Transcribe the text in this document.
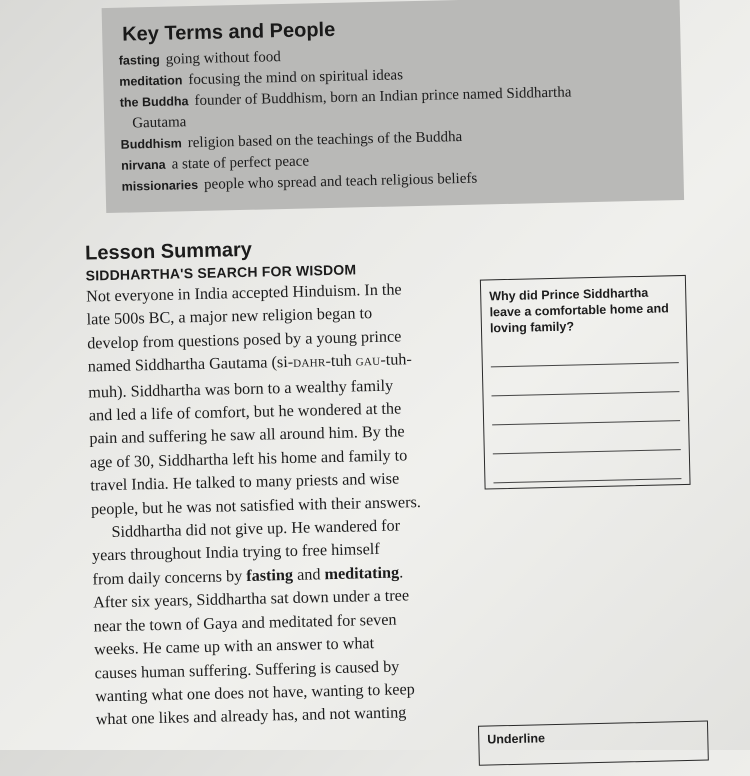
Key Terms and People
fasting going without food
meditation focusing the mind on spiritual ideas
the Buddha founder of Buddhism, born an Indian prince named Siddhartha
Gautama
Buddhism religion based on the teachings of the Buddha
nirvana a state of perfect peace
missionaries people who spread and teach religious beliefs
Lesson Summary
SIDDHARTHA'S SEARCH FOR WISDOM

Not everyone in India accepted Hinduism. In the
late 500s BC, a major new religion began to
develop from questions posed by a young prince
named Siddhartha Gautama (si-DAHR-tuh GAU-tuh-
muh). Siddhartha was born to a wealthy family
and led a life of comfort, but he wondered at the
pain and suffering he saw all around him. By the
age of 30, Siddhartha left his home and family to
travel India. He talked to many priests and wise
people, but he was not satisfied with their answers.

Siddhartha did not give up. He wandered for
years throughout India trying to free himself
from daily concerns by fasting and meditating.
After six years, Siddhartha sat down under a tree
near the town of Gaya and meditated for seven
weeks. He came up with an answer to what
causes human suffering. Suffering is caused by
wanting what one does not have, wanting to keep
what one likes and already has, and not wanting

Why did Prince Siddhartha leave a comfortable home and loving family?

Underline
